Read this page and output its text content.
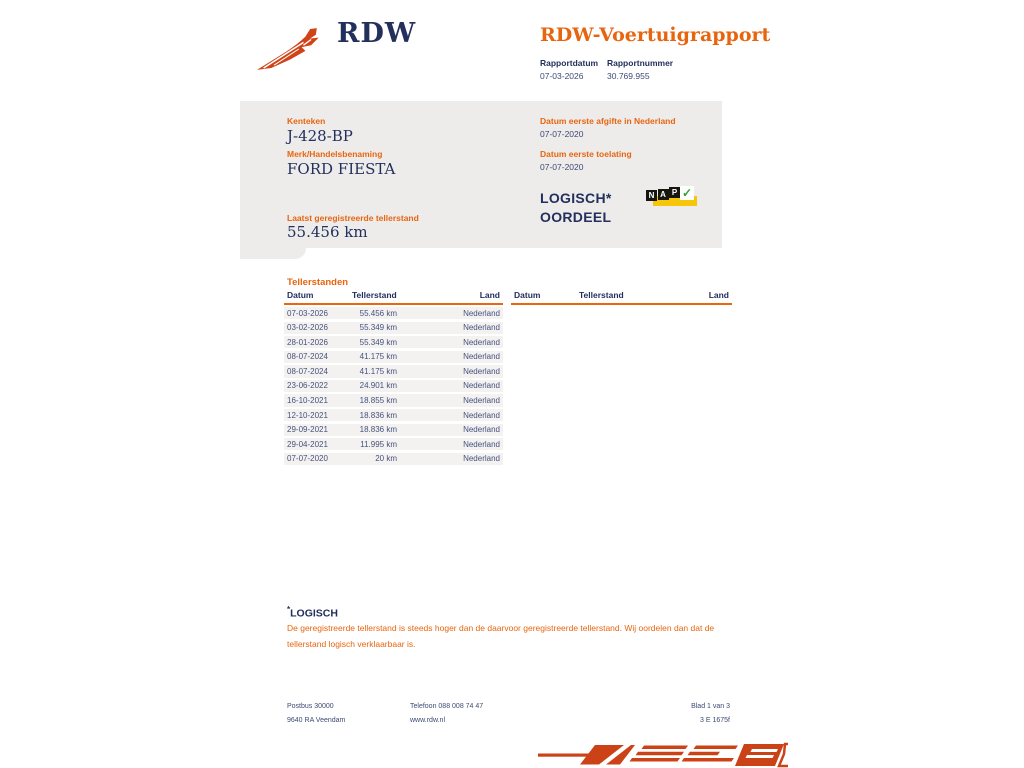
RDW	RDW-Voertuigrapport
Rapportdatum
07-03-2026
Rapportnummer
30.769.955
Kenteken
J-428-BP
Merk/Handelsbenaming
FORD FIESTA
Laatst geregistreerde tellerstand
55.456 km
Datum eerste afgifte in Nederland
07-07-2020
Datum eerste toelating
07-07-2020
LOGISCH*
OORDEEL
N A P ✓
Tellerstanden
Datum	Tellerstand	Land
07-03-2026	55.456 km	Nederland
03-02-2026	55.349 km	Nederland
28-01-2026	55.349 km	Nederland
08-07-2024	41.175 km	Nederland
08-07-2024	41.175 km	Nederland
23-06-2022	24.901 km	Nederland
16-10-2021	18.855 km	Nederland
12-10-2021	18.836 km	Nederland
29-09-2021	18.836 km	Nederland
29-04-2021	11.995 km	Nederland
07-07-2020	20 km	Nederland
Datum	Tellerstand	Land
*LOGISCH
De geregistreerde tellerstand is steeds hoger dan de daarvoor geregistreerde tellerstand. Wij oordelen dan dat de tellerstand logisch verklaarbaar is.
Postbus 30000
9640 RA Veendam
Telefoon 088 008 74 47
www.rdw.nl
Blad 1 van 3
3 E 1675f
